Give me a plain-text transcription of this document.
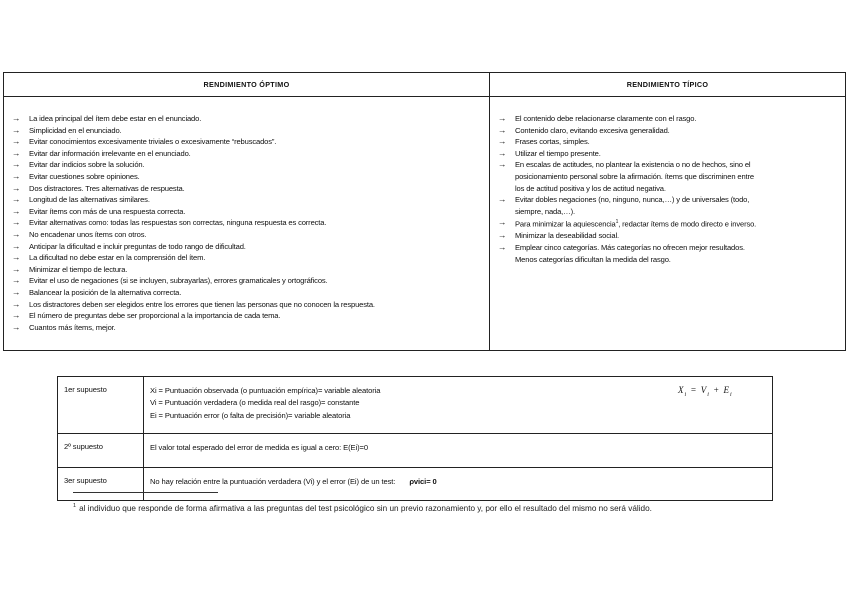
RENDIMIENTO ÓPTIMO
→	La idea principal del ítem debe estar en el enunciado.
→	Simplicidad en el enunciado.
→	Evitar conocimientos excesivamente triviales o excesivamente “rebuscados”.
→	Evitar dar información irrelevante en el enunciado.
→	Evitar dar indicios sobre la solución.
→	Evitar cuestiones sobre opiniones.
→	Dos distractores. Tres alternativas de respuesta.
→	Longitud de las alternativas similares.
→	Evitar ítems con más de una respuesta correcta.
→	Evitar alternativas como: todas las respuestas son correctas, ninguna respuesta es correcta.
→	No encadenar unos ítems con otros.
→	Anticipar la dificultad e incluir preguntas de todo rango de dificultad.
→	La dificultad no debe estar en la comprensión del ítem.
→	Minimizar el tiempo de lectura.
→	Evitar el uso de negaciones (si se incluyen, subrayarlas), errores gramaticales y ortográficos.
→	Balancear la posición de la alternativa correcta.
→	Los distractores deben ser elegidos entre los errores que tienen las personas que no conocen la respuesta.
→	El número de preguntas debe ser proporcional a la importancia de cada tema.
→	Cuantos más ítems, mejor.
RENDIMIENTO TÍPICO
→	El contenido debe relacionarse claramente con el rasgo.
→	Contenido claro, evitando excesiva generalidad.
→	Frases cortas, simples.
→	Utilizar el tiempo presente.
→	En escalas de actitudes, no plantear la existencia o no de hechos, sino el
posicionamiento personal sobre la afirmación. ítems que discriminen entre
los de actitud positiva y los de actitud negativa.
→	Evitar dobles negaciones (no, ninguno, nunca,…) y de universales (todo,
siempre, nada,…).
→	Para minimizar la aquiescencia$^1$, redactar ítems de modo directo e inverso.
→	Minimizar la deseabilidad social.
→	Emplear cinco categorías. Más categorías no ofrecen mejor resultados.
Menos categorías dificultan la medida del rasgo.
1er supuesto	Xi = Puntuación observada (o puntuación empírica)= variable aleatoria
Vi = Puntuación verdadera (o medida real del rasgo)= constante
Ei = Puntuación error (o falta de precisión)= variable aleatoria
$X_i = V_i + E_i$

2º supuesto	El valor total esperado del error de medida es igual a cero: E(Ei)=0

3er supuesto	No hay relación entre la puntuación verdadera (Vi) y el error (Ei) de un test: ρvici= 0
$^1$ al individuo que responde de forma afirmativa a las preguntas del test psicológico sin un previo razonamiento y, por ello el resultado del mismo no será válido.
